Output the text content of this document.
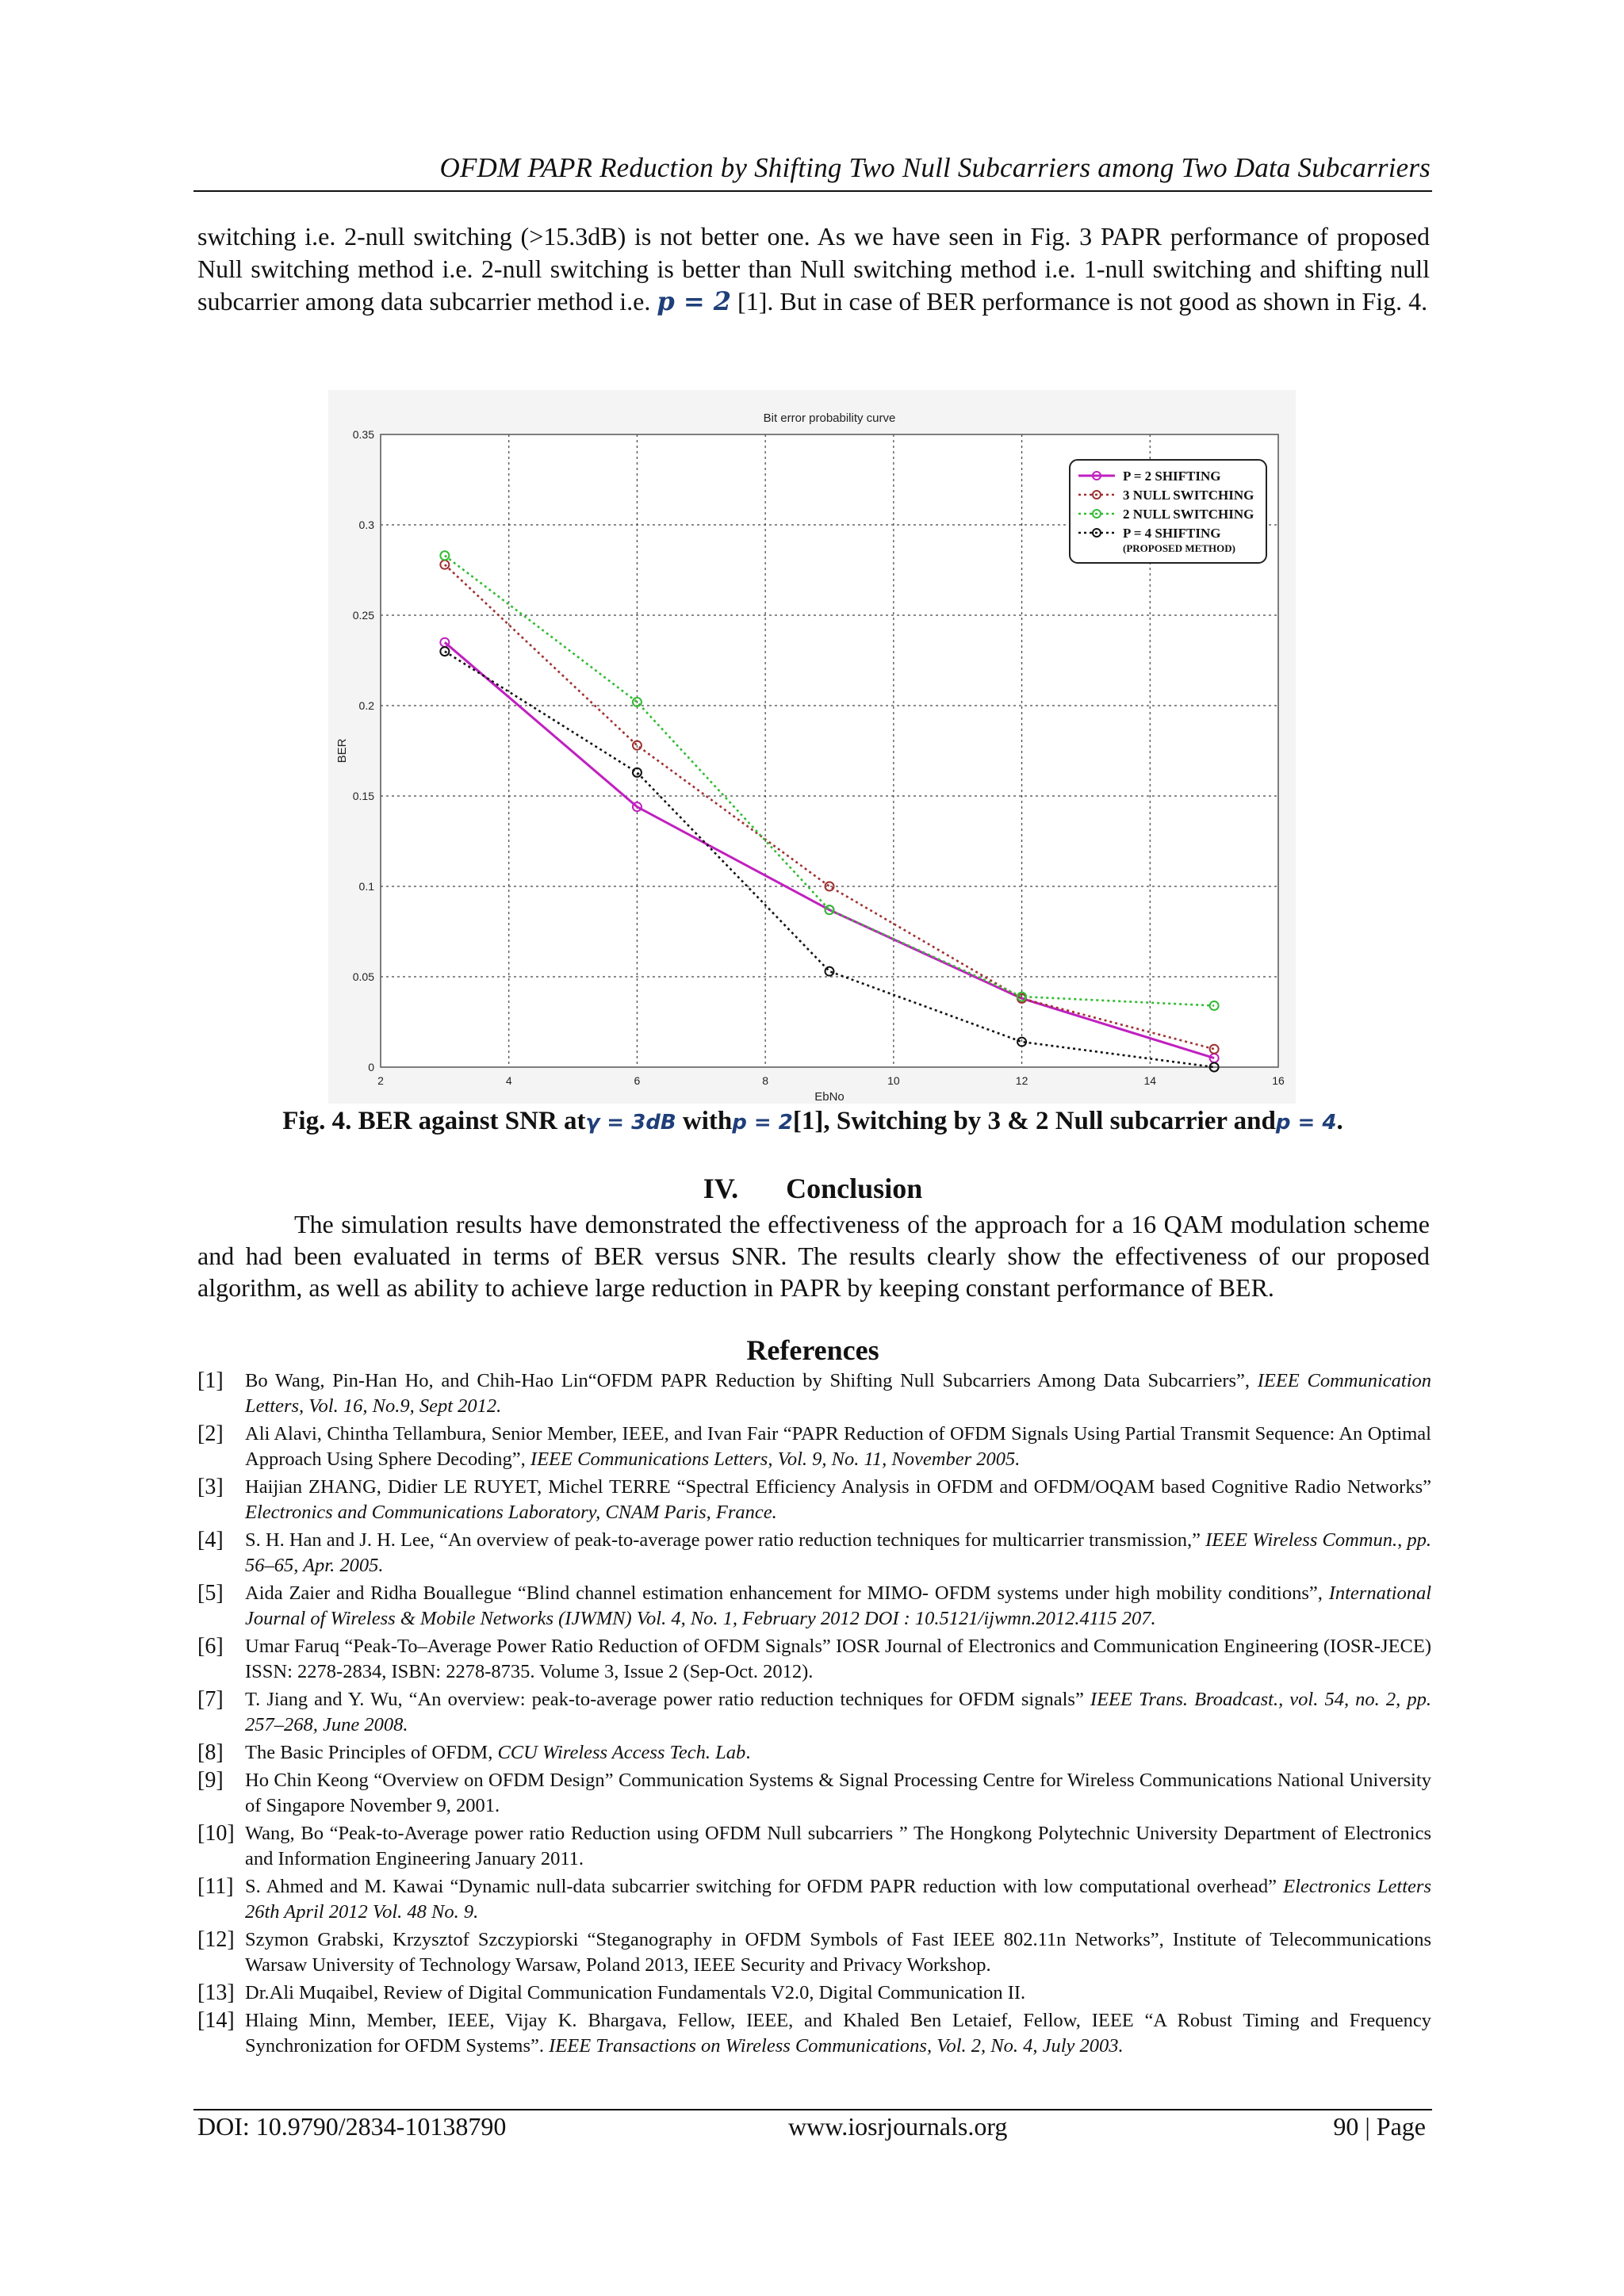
OFDM PAPR Reduction by Shifting Two Null Subcarriers among Two Data Subcarriers
switching i.e. 2-null switching (>15.3dB) is not better one. As we have seen in Fig. 3 PAPR performance of proposed Null switching method i.e. 2-null switching is better than Null switching method i.e. 1-null switching and shifting null subcarrier among data subcarrier method i.e. p = 2 [1]. But in case of BER performance is not good as shown in Fig. 4.
2	4	6	8	10	12	14	16
0
0.05
0.1
0.15
0.2
0.25
0.3
0.35
Bit error probability curve
EbNo
BER
P = 2 SHIFTING
3 NULL SWITCHING
2 NULL SWITCHING
P = 4 SHIFTING
(PROPOSED METHOD)
Fig. 4. BER against SNR atγ = 3dB withp = 2[1], Switching by 3 & 2 Null subcarrier andp = 4.
IV. Conclusion
The simulation results have demonstrated the effectiveness of the approach for a 16 QAM modulation scheme and had been evaluated in terms of BER versus SNR. The results clearly show the effectiveness of our proposed algorithm, as well as ability to achieve large reduction in PAPR by keeping constant performance of BER.
References
[1] Bo Wang, Pin-Han Ho, and Chih-Hao Lin“OFDM PAPR Reduction by Shifting Null Subcarriers Among Data Subcarriers”, IEEE Communication Letters, Vol. 16, No.9, Sept 2012.
[2] Ali Alavi, Chintha Tellambura, Senior Member, IEEE, and Ivan Fair “PAPR Reduction of OFDM Signals Using Partial Transmit Sequence: An Optimal Approach Using Sphere Decoding”, IEEE Communications Letters, Vol. 9, No. 11, November 2005.
[3] Haijian ZHANG, Didier LE RUYET, Michel TERRE “Spectral Efficiency Analysis in OFDM and OFDM/OQAM based Cognitive Radio Networks” Electronics and Communications Laboratory, CNAM Paris, France.
[4] S. H. Han and J. H. Lee, “An overview of peak-to-average power ratio reduction techniques for multicarrier transmission,” IEEE Wireless Commun., pp. 56–65, Apr. 2005.
[5] Aida Zaier and Ridha Bouallegue “Blind channel estimation enhancement for MIMO- OFDM systems under high mobility conditions”, International Journal of Wireless & Mobile Networks (IJWMN) Vol. 4, No. 1, February 2012 DOI : 10.5121/ijwmn.2012.4115 207.
[6] Umar Faruq “Peak-To–Average Power Ratio Reduction of OFDM Signals” IOSR Journal of Electronics and Communication Engineering (IOSR-JECE) ISSN: 2278-2834, ISBN: 2278-8735. Volume 3, Issue 2 (Sep-Oct. 2012).
[7] T. Jiang and Y. Wu, “An overview: peak-to-average power ratio reduction techniques for OFDM signals” IEEE Trans. Broadcast., vol. 54, no. 2, pp. 257–268, June 2008.
[8] The Basic Principles of OFDM, CCU Wireless Access Tech. Lab.
[9] Ho Chin Keong “Overview on OFDM Design” Communication Systems & Signal Processing Centre for Wireless Communications National University of Singapore November 9, 2001.
[10] Wang, Bo “Peak-to-Average power ratio Reduction using OFDM Null subcarriers ” The Hongkong Polytechnic University Department of Electronics and Information Engineering January 2011.
[11] S. Ahmed and M. Kawai “Dynamic null-data subcarrier switching for OFDM PAPR reduction with low computational overhead” Electronics Letters 26th April 2012 Vol. 48 No. 9.
[12] Szymon Grabski, Krzysztof Szczypiorski “Steganography in OFDM Symbols of Fast IEEE 802.11n Networks”, Institute of Telecommunications Warsaw University of Technology Warsaw, Poland 2013, IEEE Security and Privacy Workshop.
[13] Dr.Ali Muqaibel, Review of Digital Communication Fundamentals V2.0, Digital Communication II.
[14] Hlaing Minn, Member, IEEE, Vijay K. Bhargava, Fellow, IEEE, and Khaled Ben Letaief, Fellow, IEEE “A Robust Timing and Frequency Synchronization for OFDM Systems”. IEEE Transactions on Wireless Communications, Vol. 2, No. 4, July 2003.
DOI: 10.9790/2834-10138790	www.iosrjournals.org	90 | Page
